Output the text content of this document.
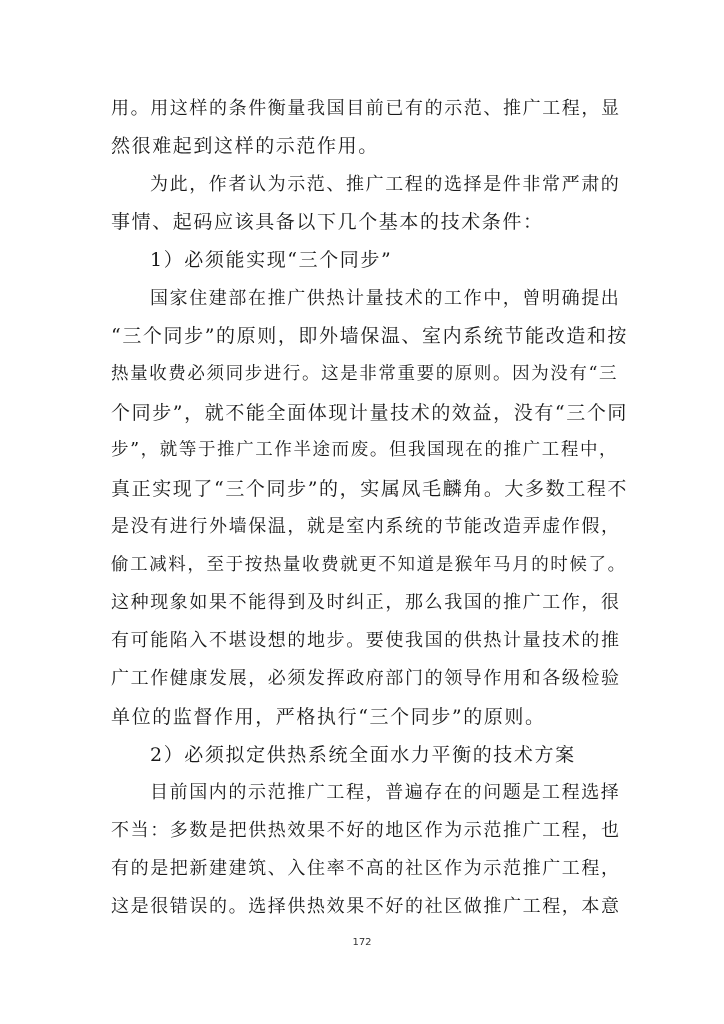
用。用这样的条件衡量我国目前已有的示范、推广工程，显
然很难起到这样的示范作用。
为此，作者认为示范、推广工程的选择是件非常严肃的
事情、起码应该具备以下几个基本的技术条件：
1）必须能实现“三个同步”
国家住建部在推广供热计量技术的工作中，曾明确提出
“三个同步”的原则，即外墙保温、室内系统节能改造和按
热量收费必须同步进行。这是非常重要的原则。因为没有“三
个同步”，就不能全面体现计量技术的效益，没有“三个同
步”，就等于推广工作半途而废。但我国现在的推广工程中，
真正实现了“三个同步”的，实属凤毛麟角。大多数工程不
是没有进行外墙保温，就是室内系统的节能改造弄虚作假，
偷工减料，至于按热量收费就更不知道是猴年马月的时候了。
这种现象如果不能得到及时纠正，那么我国的推广工作，很
有可能陷入不堪设想的地步。要使我国的供热计量技术的推
广工作健康发展，必须发挥政府部门的领导作用和各级检验
单位的监督作用，严格执行“三个同步”的原则。
2）必须拟定供热系统全面水力平衡的技术方案
目前国内的示范推广工程，普遍存在的问题是工程选择
不当：多数是把供热效果不好的地区作为示范推广工程，也
有的是把新建建筑、入住率不高的社区作为示范推广工程，
这是很错误的。选择供热效果不好的社区做推广工程，本意
172
